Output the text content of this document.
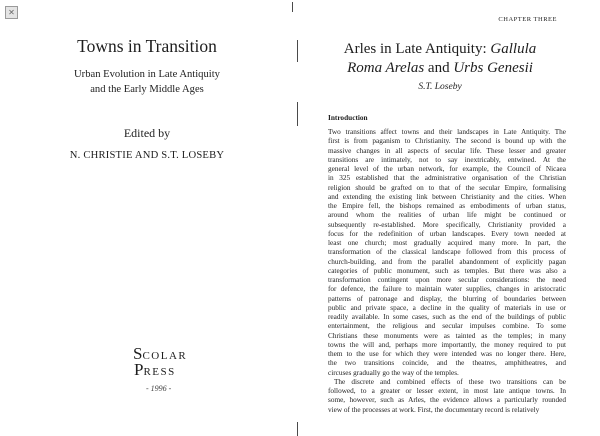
✕
Towns in Transition
Urban Evolution in Late Antiquity
and the Early Middle Ages
Edited by
N. CHRISTIE AND S.T. LOSEBY
SCOLAR
PRESS
- 1996 -
CHAPTER THREE
Arles in Late Antiquity: Gallula
Roma Arelas and Urbs Genesii
S.T. Loseby
Introduction
Two transitions affect towns and their landscapes in Late Antiquity. The
first is from paganism to Christianity. The second is bound up with the
massive changes in all aspects of secular life. These lesser and greater
transitions are intimately, not to say inextricably, entwined. At the
general level of the urban network, for example, the Council of Nicaea
in 325 established that the administrative organisation of the Christian
religion should be grafted on to that of the secular Empire, formalising
and extending the existing link between Christianity and the cities. When
the Empire fell, the bishops remained as embodiments of urban status,
around whom the realities of urban life might be continued or
subsequently re-established. More specifically, Christianity provided a
focus for the redefinition of urban landscapes. Every town needed at
least one church; most gradually acquired many more. In part, the
transformation of the classical landscape followed from this process of
church-building, and from the parallel abandonment of explicitly pagan
categories of public monument, such as temples. But there was also a
transformation contingent upon more secular considerations: the need
for defence, the failure to maintain water supplies, changes in aristocratic
patterns of patronage and display, the blurring of boundaries between
public and private space, a decline in the quality of materials in use or
readily available. In some cases, such as the end of the buildings of public
entertainment, the religious and secular impulses combine. To some
Christians these monuments were as tainted as the temples; in many
towns the will and, perhaps more importantly, the money required to put
them to the use for which they were intended was no longer there. Here,
the two transitions coincide, and the theatres, amphitheatres, and
circuses gradually go the way of the temples.
The discrete and combined effects of these two transitions can be
followed, to a greater or lesser extent, in most late antique towns. In
some, however, such as Arles, the evidence allows a particularly rounded
view of the processes at work. First, the documentary record is relatively
